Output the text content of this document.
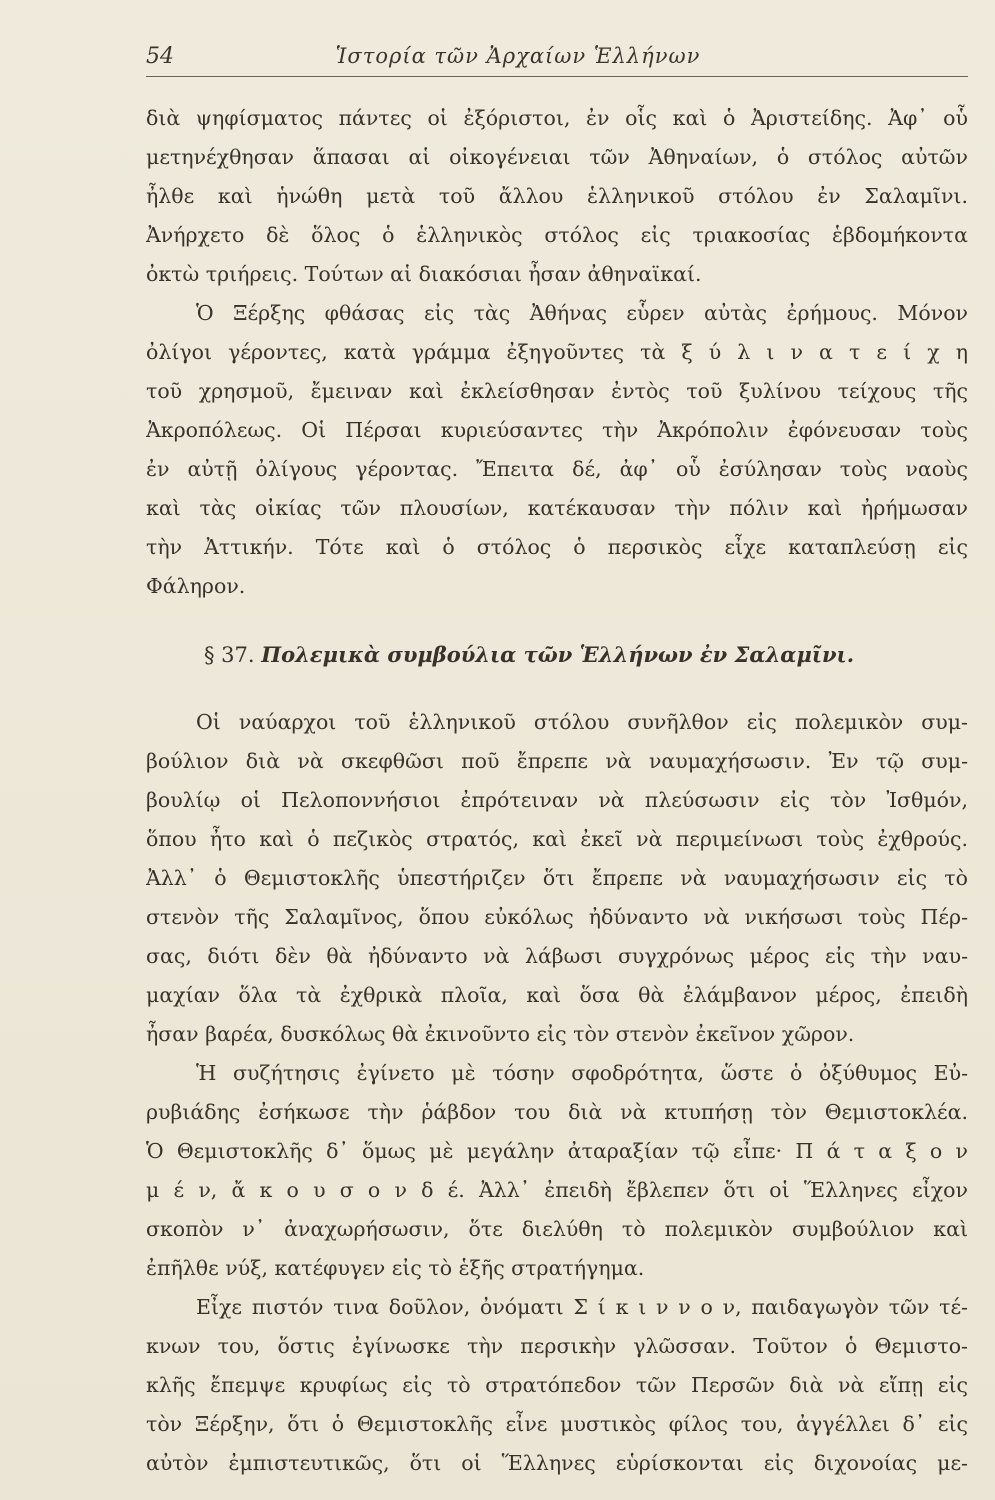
54	Ἱστορία τῶν Ἀρχαίων Ἑλλήνων
διὰ ψηφίσματος πάντες οἱ ἐξόριστοι, ἐν οἷς καὶ ὁ Ἀριστείδης. Ἀφ᾿ οὗ
μετηνέχθησαν ἅπασαι αἱ οἰκογένειαι τῶν Ἀθηναίων, ὁ στόλος αὐτῶν
ἦλθε καὶ ἡνώθη μετὰ τοῦ ἄλλου ἑλληνικοῦ στόλου ἐν Σαλαμῖνι.
Ἀνήρχετο δὲ ὅλος ὁ ἑλληνικὸς στόλος εἰς τριακοσίας ἑβδομήκοντα
ὀκτὼ τριήρεις. Τούτων αἱ διακόσιαι ἦσαν ἀθηναϊκαί.
Ὁ Ξέρξης φθάσας εἰς τὰς Ἀθήνας εὗρεν αὐτὰς ἐρήμους. Μόνον
ὀλίγοι γέροντες, κατὰ γράμμα ἐξηγοῦντες τὰ ξ ύ λ ι ν α τ ε ί χ η
τοῦ χρησμοῦ, ἔμειναν καὶ ἐκλείσθησαν ἐντὸς τοῦ ξυλίνου τείχους τῆς
Ἀκροπόλεως. Οἱ Πέρσαι κυριεύσαντες τὴν Ἀκρόπολιν ἐφόνευσαν τοὺς
ἐν αὐτῇ ὀλίγους γέροντας. Ἔπειτα δέ, ἀφ᾿ οὗ ἐσύλησαν τοὺς ναοὺς
καὶ τὰς οἰκίας τῶν πλουσίων, κατέκαυσαν τὴν πόλιν καὶ ἠρήμωσαν
τὴν Ἀττικήν. Τότε καὶ ὁ στόλος ὁ περσικὸς εἶχε καταπλεύσῃ εἰς
Φάληρον.
§ 37. Πολεμικὰ συμβούλια τῶν Ἑλλήνων ἐν Σαλαμῖνι.
Οἱ ναύαρχοι τοῦ ἑλληνικοῦ στόλου συνῆλθον εἰς πολεμικὸν συμ-
βούλιον διὰ νὰ σκεφθῶσι ποῦ ἔπρεπε νὰ ναυμαχήσωσιν. Ἐν τῷ συμ-
βουλίῳ οἱ Πελοποννήσιοι ἐπρότειναν νὰ πλεύσωσιν εἰς τὸν Ἰσθμόν,
ὅπου ἦτο καὶ ὁ πεζικὸς στρατός, καὶ ἐκεῖ νὰ περιμείνωσι τοὺς ἐχθρούς.
Ἀλλ᾿ ὁ Θεμιστοκλῆς ὑπεστήριζεν ὅτι ἔπρεπε νὰ ναυμαχήσωσιν εἰς τὸ
στενὸν τῆς Σαλαμῖνος, ὅπου εὐκόλως ἠδύναντο νὰ νικήσωσι τοὺς Πέρ-
σας, διότι δὲν θὰ ἠδύναντο νὰ λάβωσι συγχρόνως μέρος εἰς τὴν ναυ-
μαχίαν ὅλα τὰ ἐχθρικὰ πλοῖα, καὶ ὅσα θὰ ἐλάμβανον μέρος, ἐπειδὴ
ἦσαν βαρέα, δυσκόλως θὰ ἐκινοῦντο εἰς τὸν στενὸν ἐκεῖνον χῶρον.
Ἡ συζήτησις ἐγίνετο μὲ τόσην σφοδρότητα, ὥστε ὁ ὀξύθυμος Εὐ-
ρυβιάδης ἐσήκωσε τὴν ῥάβδον του διὰ νὰ κτυπήσῃ τὸν Θεμιστοκλέα.
Ὁ Θεμιστοκλῆς δ᾿ ὅμως μὲ μεγάλην ἀταραξίαν τῷ εἶπε· Π ά τ α ξ ο ν
μ έ ν, ἄ κ ο υ σ ο ν δ έ. Ἀλλ᾿ ἐπειδὴ ἔβλεπεν ὅτι οἱ Ἕλληνες εἶχον
σκοπὸν ν᾿ ἀναχωρήσωσιν, ὅτε διελύθη τὸ πολεμικὸν συμβούλιον καὶ
ἐπῆλθε νύξ, κατέφυγεν εἰς τὸ ἑξῆς στρατήγημα.
Εἶχε πιστόν τινα δοῦλον, ὀνόματι Σ ί κ ι ν ν ο ν, παιδαγωγὸν τῶν τέ-
κνων του, ὅστις ἐγίνωσκε τὴν περσικὴν γλῶσσαν. Τοῦτον ὁ Θεμιστο-
κλῆς ἔπεμψε κρυφίως εἰς τὸ στρατόπεδον τῶν Περσῶν διὰ νὰ εἴπῃ εἰς
τὸν Ξέρξην, ὅτι ὁ Θεμιστοκλῆς εἶνε μυστικὸς φίλος του, ἀγγέλλει δ᾿ εἰς
αὐτὸν ἐμπιστευτικῶς, ὅτι οἱ Ἕλληνες εὑρίσκονται εἰς διχονοίας με-
